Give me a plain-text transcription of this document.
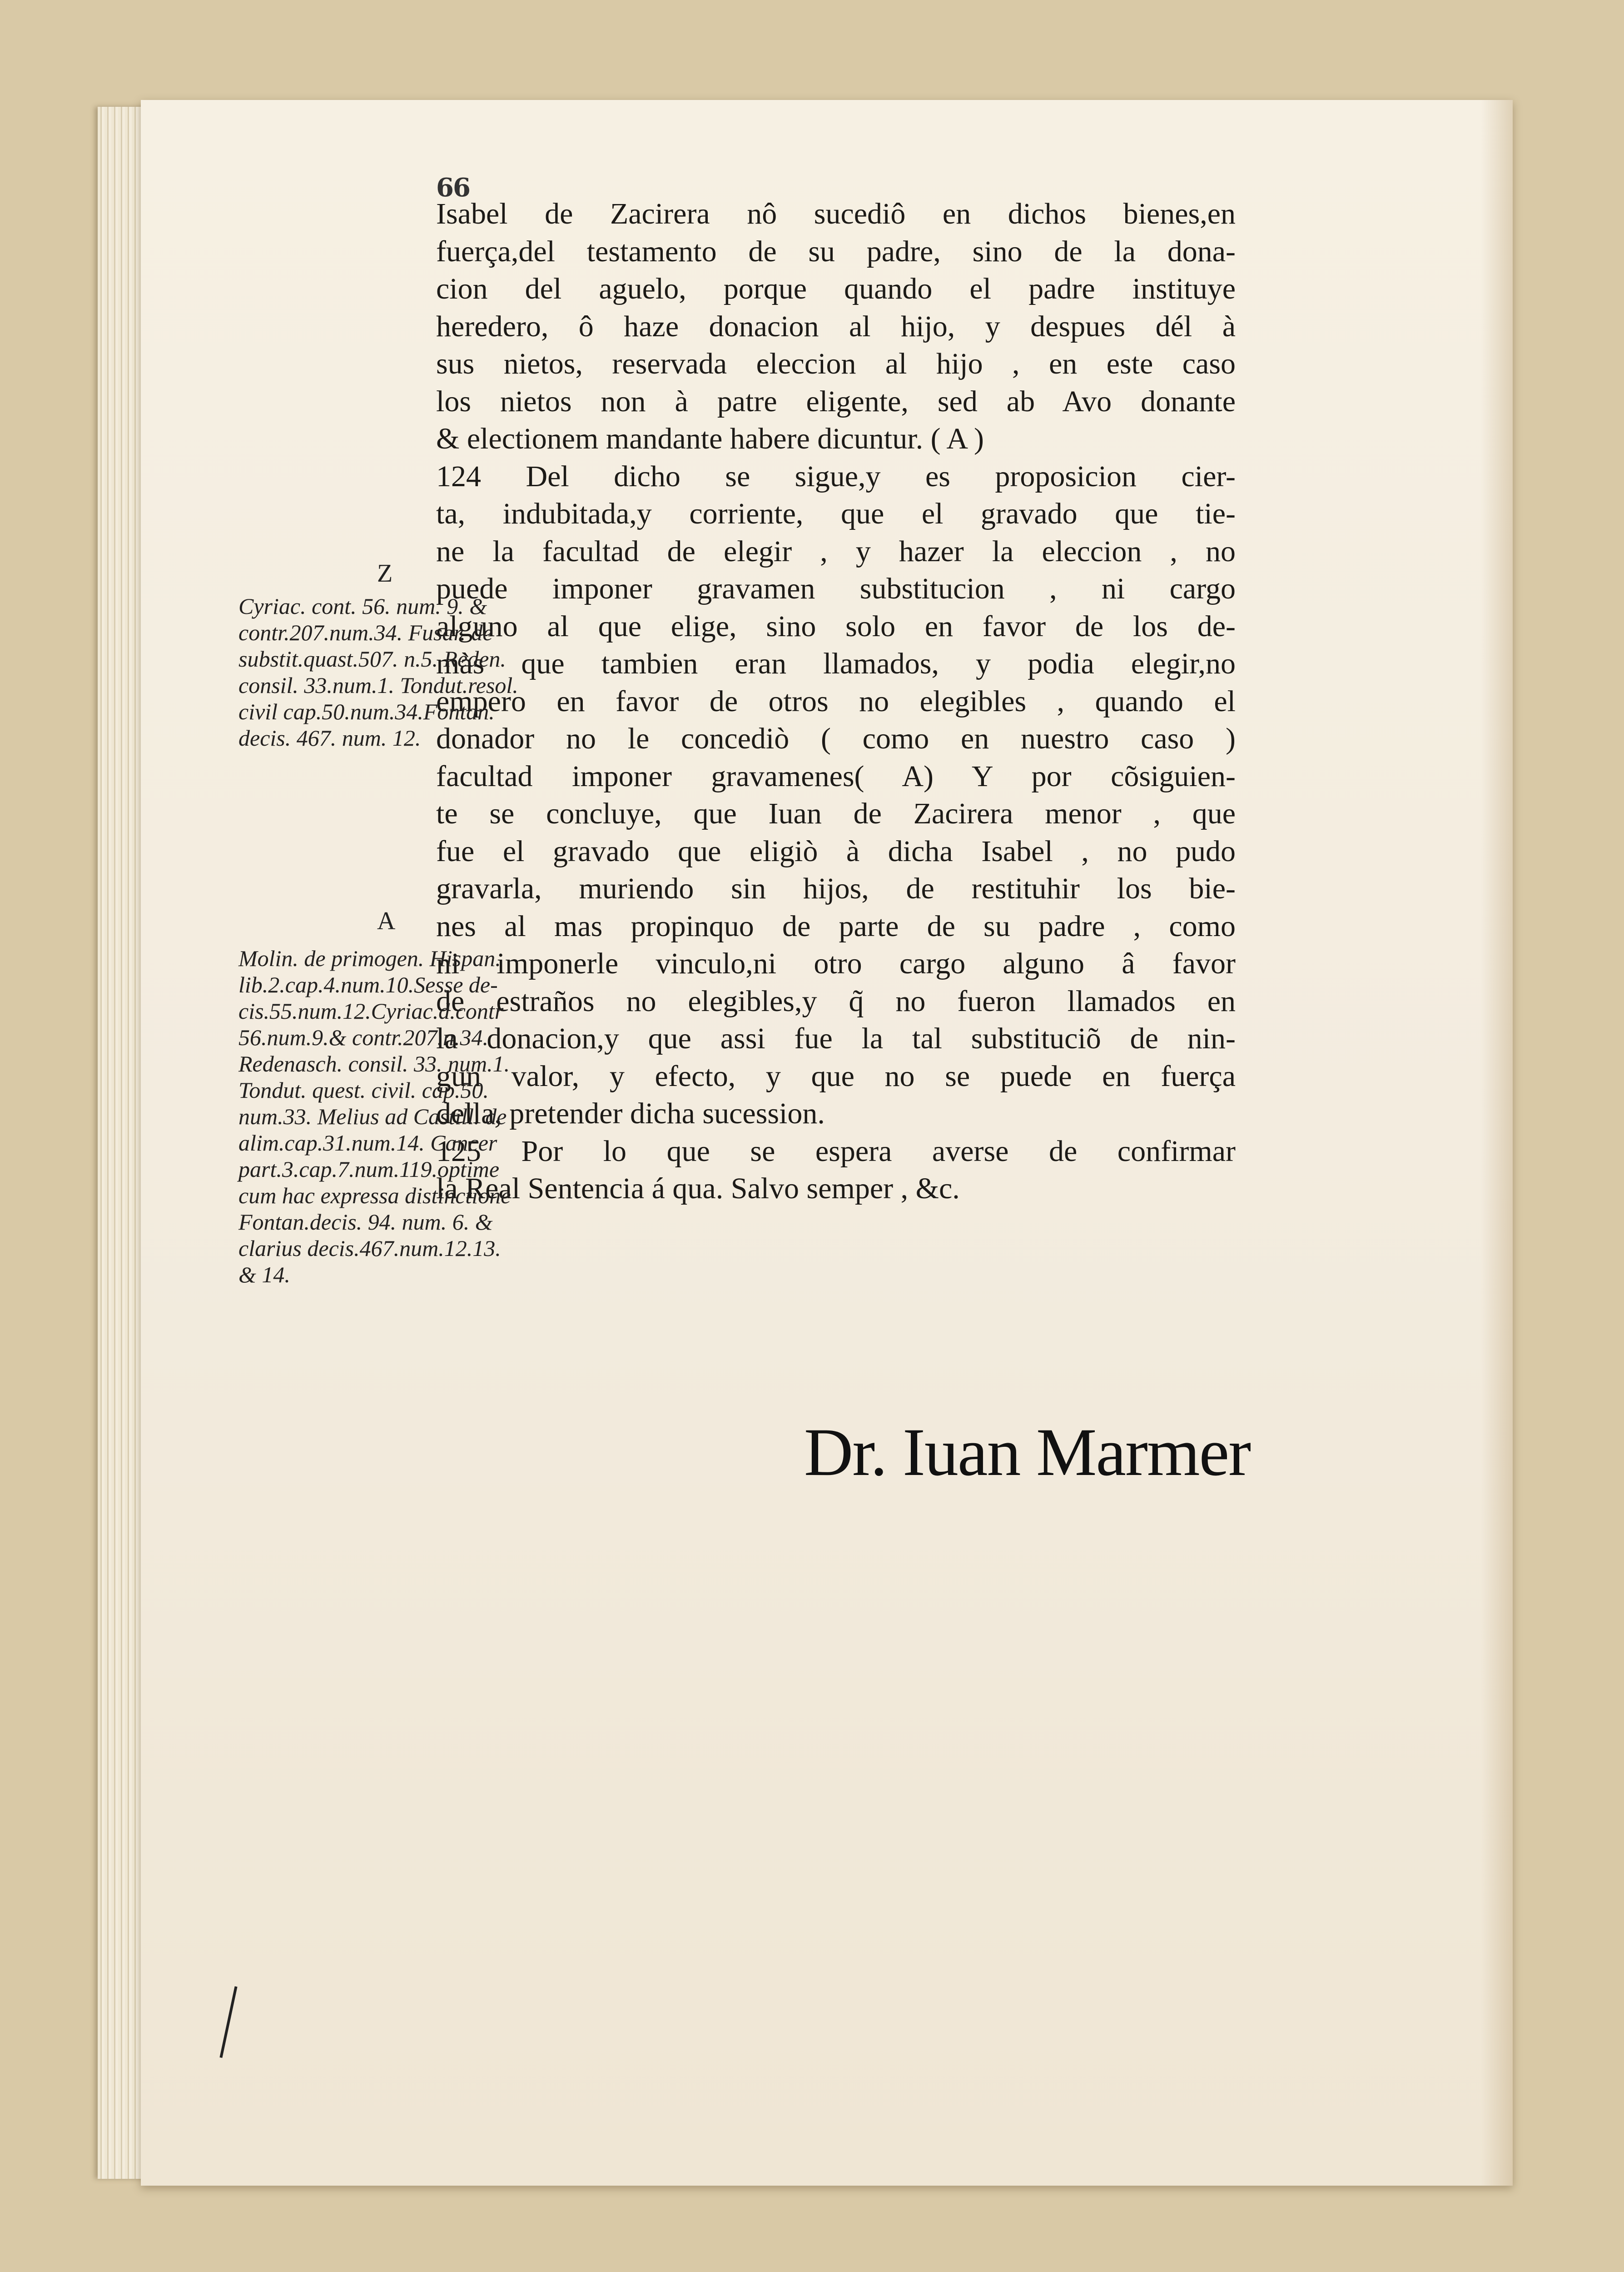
66
Isabel de Zacirera nô sucediô en dichos bienes,en
fuerça,del testamento de su padre, sino de la dona-
cion del aguelo, porque quando el padre instituye
heredero, ô haze donacion al hijo, y despues dél à
sus nietos, reservada eleccion al hijo , en este caso
los nietos non à patre eligente, sed ab Avo donante
& electionem mandante habere dicuntur. ( A )
124 Del dicho se sigue,y es proposicion cier-
ta, indubitada,y corriente, que el gravado que tie-
ne la facultad de elegir , y hazer la eleccion , no
puede imponer gravamen substitucion , ni cargo
alguno al que elige, sino solo en favor de los de-
màs que tambien eran llamados, y podia elegir,no
empero en favor de otros no elegibles , quando el
donador no le concediò ( como en nuestro caso )
facultad imponer gravamenes( A) Y por cõsiguien-
te se concluye, que Iuan de Zacirera menor , que
fue el gravado que eligiò à dicha Isabel , no pudo
gravarla, muriendo sin hijos, de restituhir los bie-
nes al mas propinquo de parte de su padre , como
ni imponerle vinculo,ni otro cargo alguno â favor
de estraños no elegibles,y q̃ no fueron llamados en
la donacion,y que assi fue la tal substituciõ de nin-
gun valor, y efecto, y que no se puede en fuerça
della, pretender dicha sucession.
125 Por lo que se espera averse de confirmar
la Real Sentencia á qua. Salvo semper , &c.
Z
Cyriac. cont. 56. num. 9. &
contr.207.num.34. Fusar. de
substit.quast.507. n.5. Reden.
consil. 33.num.1. Tondut.resol.
civil cap.50.num.34.Fontan.
decis. 467. num. 12.
A
Molin. de primogen. Hispan.
lib.2.cap.4.num.10.Sesse de-
cis.55.num.12.Cyriac.d.contr
56.num.9.& contr.207.n.34.
Redenasch. consil. 33. num.1.
Tondut. quest. civil. cap.50.
num.33. Melius ad Castill. de
alim.cap.31.num.14. Cancer
part.3.cap.7.num.119.optime
cum hac expressa distinctione
Fontan.decis. 94. num. 6. &
clarius decis.467.num.12.13.
& 14.
Dr. Iuan Marmer
